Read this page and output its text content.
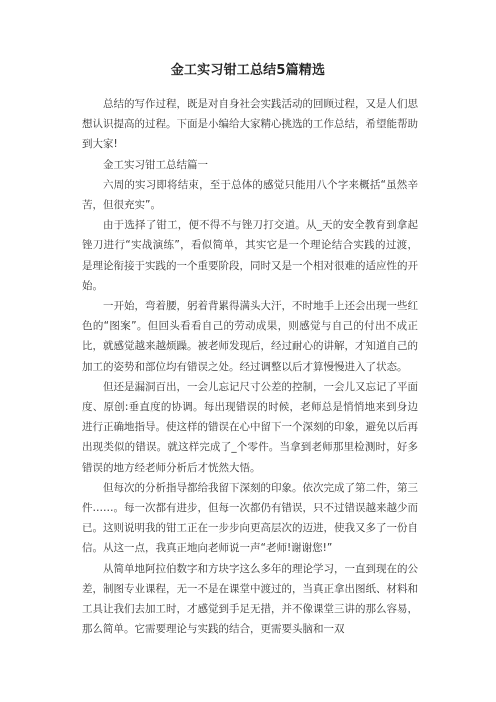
金工实习钳工总结5篇精选

总结的写作过程，既是对自身社会实践活动的回顾过程，又是人们思想认识提高的过程。下面是小编给大家精心挑选的工作总结，希望能帮助到大家!

金工实习钳工总结篇一

六周的实习即将结束，至于总体的感觉只能用八个字来概括“虽然辛苦，但很充实”。

由于选择了钳工，便不得不与锉刀打交道。从_天的安全教育到拿起锉刀进行“实战演练”，看似简单，其实它是一个理论结合实践的过渡，是理论衔接于实践的一个重要阶段，同时又是一个相对很难的适应性的开始。

一开始，弯着腰，躬着背累得满头大汗，不时地手上还会出现一些红色的“图案”。但回头看看自己的劳动成果，则感觉与自己的付出不成正比，就感觉越来越烦躁。被老师发现后，经过耐心的讲解，才知道自己的加工的姿势和部位均有错误之处。经过调整以后才算慢慢进入了状态。

但还是漏洞百出，一会儿忘记尺寸公差的控制，一会儿又忘记了平面度、原创:垂直度的协调。每出现错误的时候，老师总是悄悄地来到身边进行正确地指导。使这样的错误在心中留下一个深刻的印象，避免以后再出现类似的错误。就这样完成了_个零件。当拿到老师那里检测时，好多错误的地方经老师分析后才恍然大悟。

但每次的分析指导都给我留下深刻的印象。依次完成了第二件，第三件……。每一次都有进步，但每一次都仍有错误，只不过错误越来越少而已。这则说明我的钳工正在一步步向更高层次的迈进，使我又多了一份自信。从这一点，我真正地向老师说一声“老师!谢谢您!”

从简单地阿拉伯数字和方块字这么多年的理论学习，一直到现在的公差，制图专业课程，无一不是在课堂中渡过的，当真正拿出图纸、材料和工具让我们去加工时，才感觉到手足无措，并不像课堂三讲的那么容易，那么简单。它需要理论与实践的结合，更需要头脑和一双
